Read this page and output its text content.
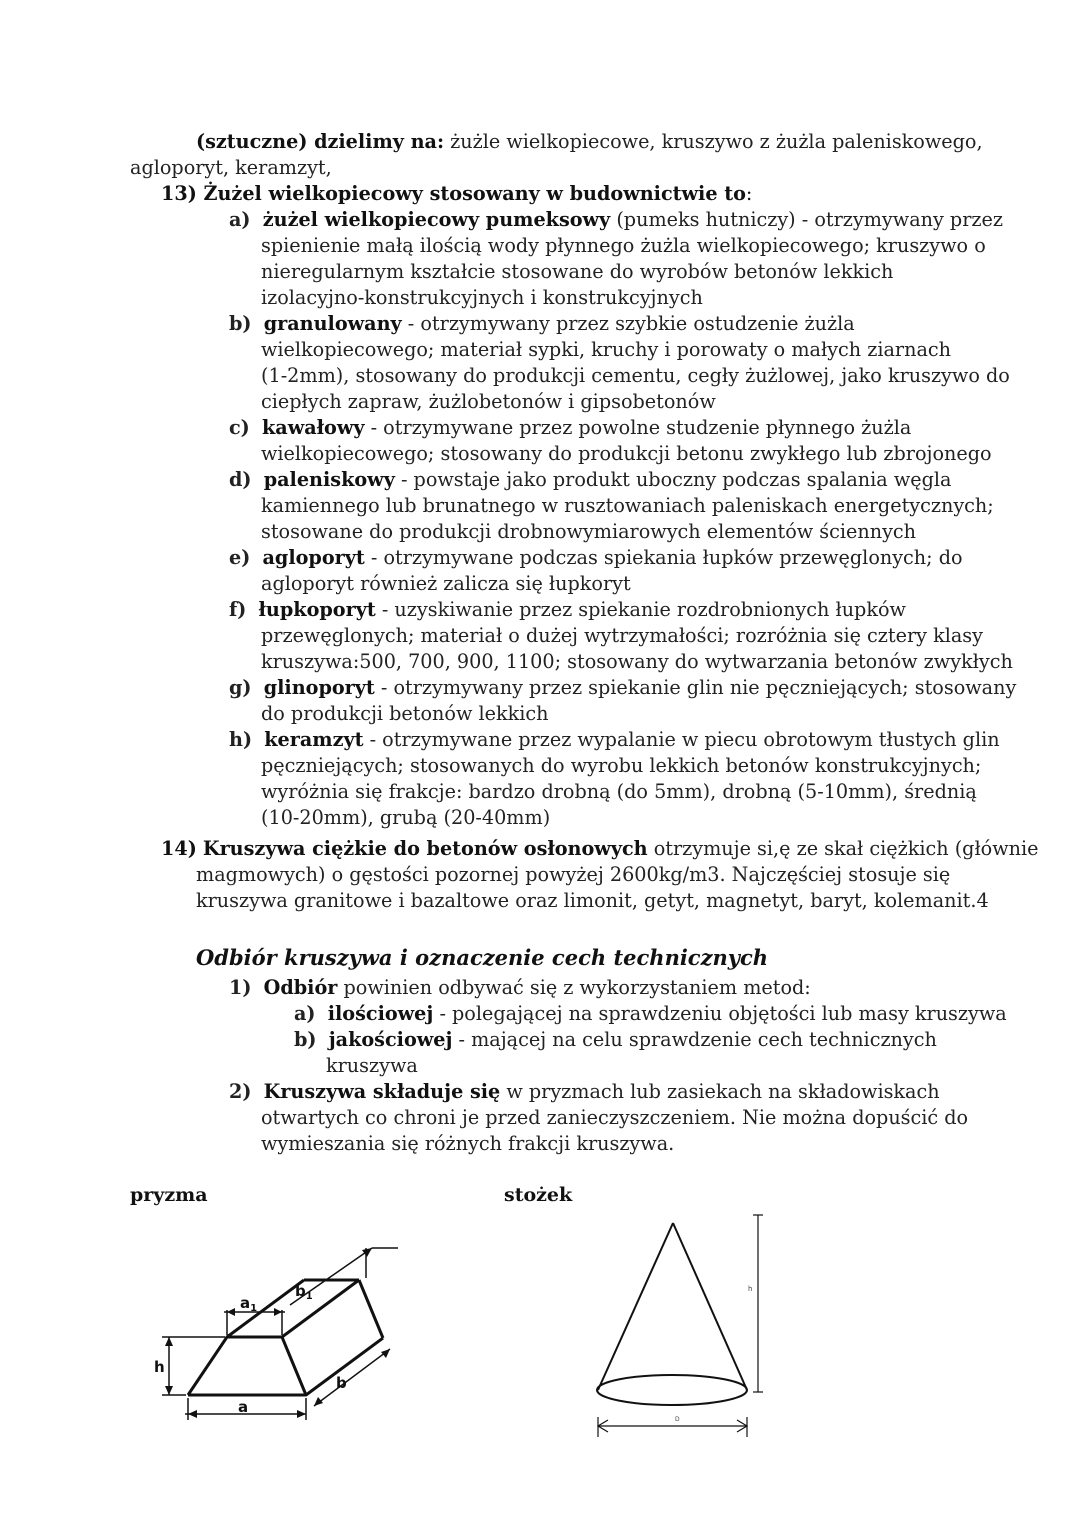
(sztuczne) dzielimy na: żużle wielkopiecowe, kruszywo z żużla paleniskowego,
agloporyt, keramzyt,
13) Żużel wielkopiecowy stosowany w budownictwie to:
a) żużel wielkopiecowy pumeksowy (pumeks hutniczy) - otrzymywany przez
spienienie małą ilością wody płynnego żużla wielkopiecowego; kruszywo o
nieregularnym kształcie stosowane do wyrobów betonów lekkich
izolacyjno-konstrukcyjnych i konstrukcyjnych
b) granulowany - otrzymywany przez szybkie ostudzenie żużla
wielkopiecowego; materiał sypki, kruchy i porowaty o małych ziarnach
(1-2mm), stosowany do produkcji cementu, cegły żużlowej, jako kruszywo do
ciepłych zapraw, żużlobetonów i gipsobetonów
c) kawałowy - otrzymywane przez powolne studzenie płynnego żużla
wielkopiecowego; stosowany do produkcji betonu zwykłego lub zbrojonego
d) paleniskowy - powstaje jako produkt uboczny podczas spalania węgla
kamiennego lub brunatnego w rusztowaniach paleniskach energetycznych;
stosowane do produkcji drobnowymiarowych elementów ściennych
e) agloporyt - otrzymywane podczas spiekania łupków przewęglonych; do
agloporyt również zalicza się łupkoryt
f) łupkoporyt - uzyskiwanie przez spiekanie rozdrobnionych łupków
przewęglonych; materiał o dużej wytrzymałości; rozróżnia się cztery klasy
kruszywa:500, 700, 900, 1100; stosowany do wytwarzania betonów zwykłych
g) glinoporyt - otrzymywany przez spiekanie glin nie pęczniejących; stosowany
do produkcji betonów lekkich
h) keramzyt - otrzymywane przez wypalanie w piecu obrotowym tłustych glin
pęczniejących; stosowanych do wyrobu lekkich betonów konstrukcyjnych;
wyróżnia się frakcje: bardzo drobną (do 5mm), drobną (5-10mm), średnią
(10-20mm), grubą (20-40mm)
14) Kruszywa ciężkie do betonów osłonowych otrzymuje si,ę ze skał ciężkich (głównie
magmowych) o gęstości pozornej powyżej 2600kg/m3. Najczęściej stosuje się
kruszywa granitowe i bazaltowe oraz limonit, getyt, magnetyt, baryt, kolemanit.4
Odbiór kruszywa i oznaczenie cech technicznych
1) Odbiór powinien odbywać się z wykorzystaniem metod:
a) ilościowej - polegającej na sprawdzeniu objętości lub masy kruszywa
b) jakościowej - mającej na celu sprawdzenie cech technicznych
kruszywa
2) Kruszywa składuje się w pryzmach lub zasiekach na składowiskach
otwartych co chroni je przed zanieczyszczeniem. Nie można dopuścić do
wymieszania się różnych frakcji kruszywa.
pryzma	stożek
h
a
$a_1$
b
$b_1$
h
D
